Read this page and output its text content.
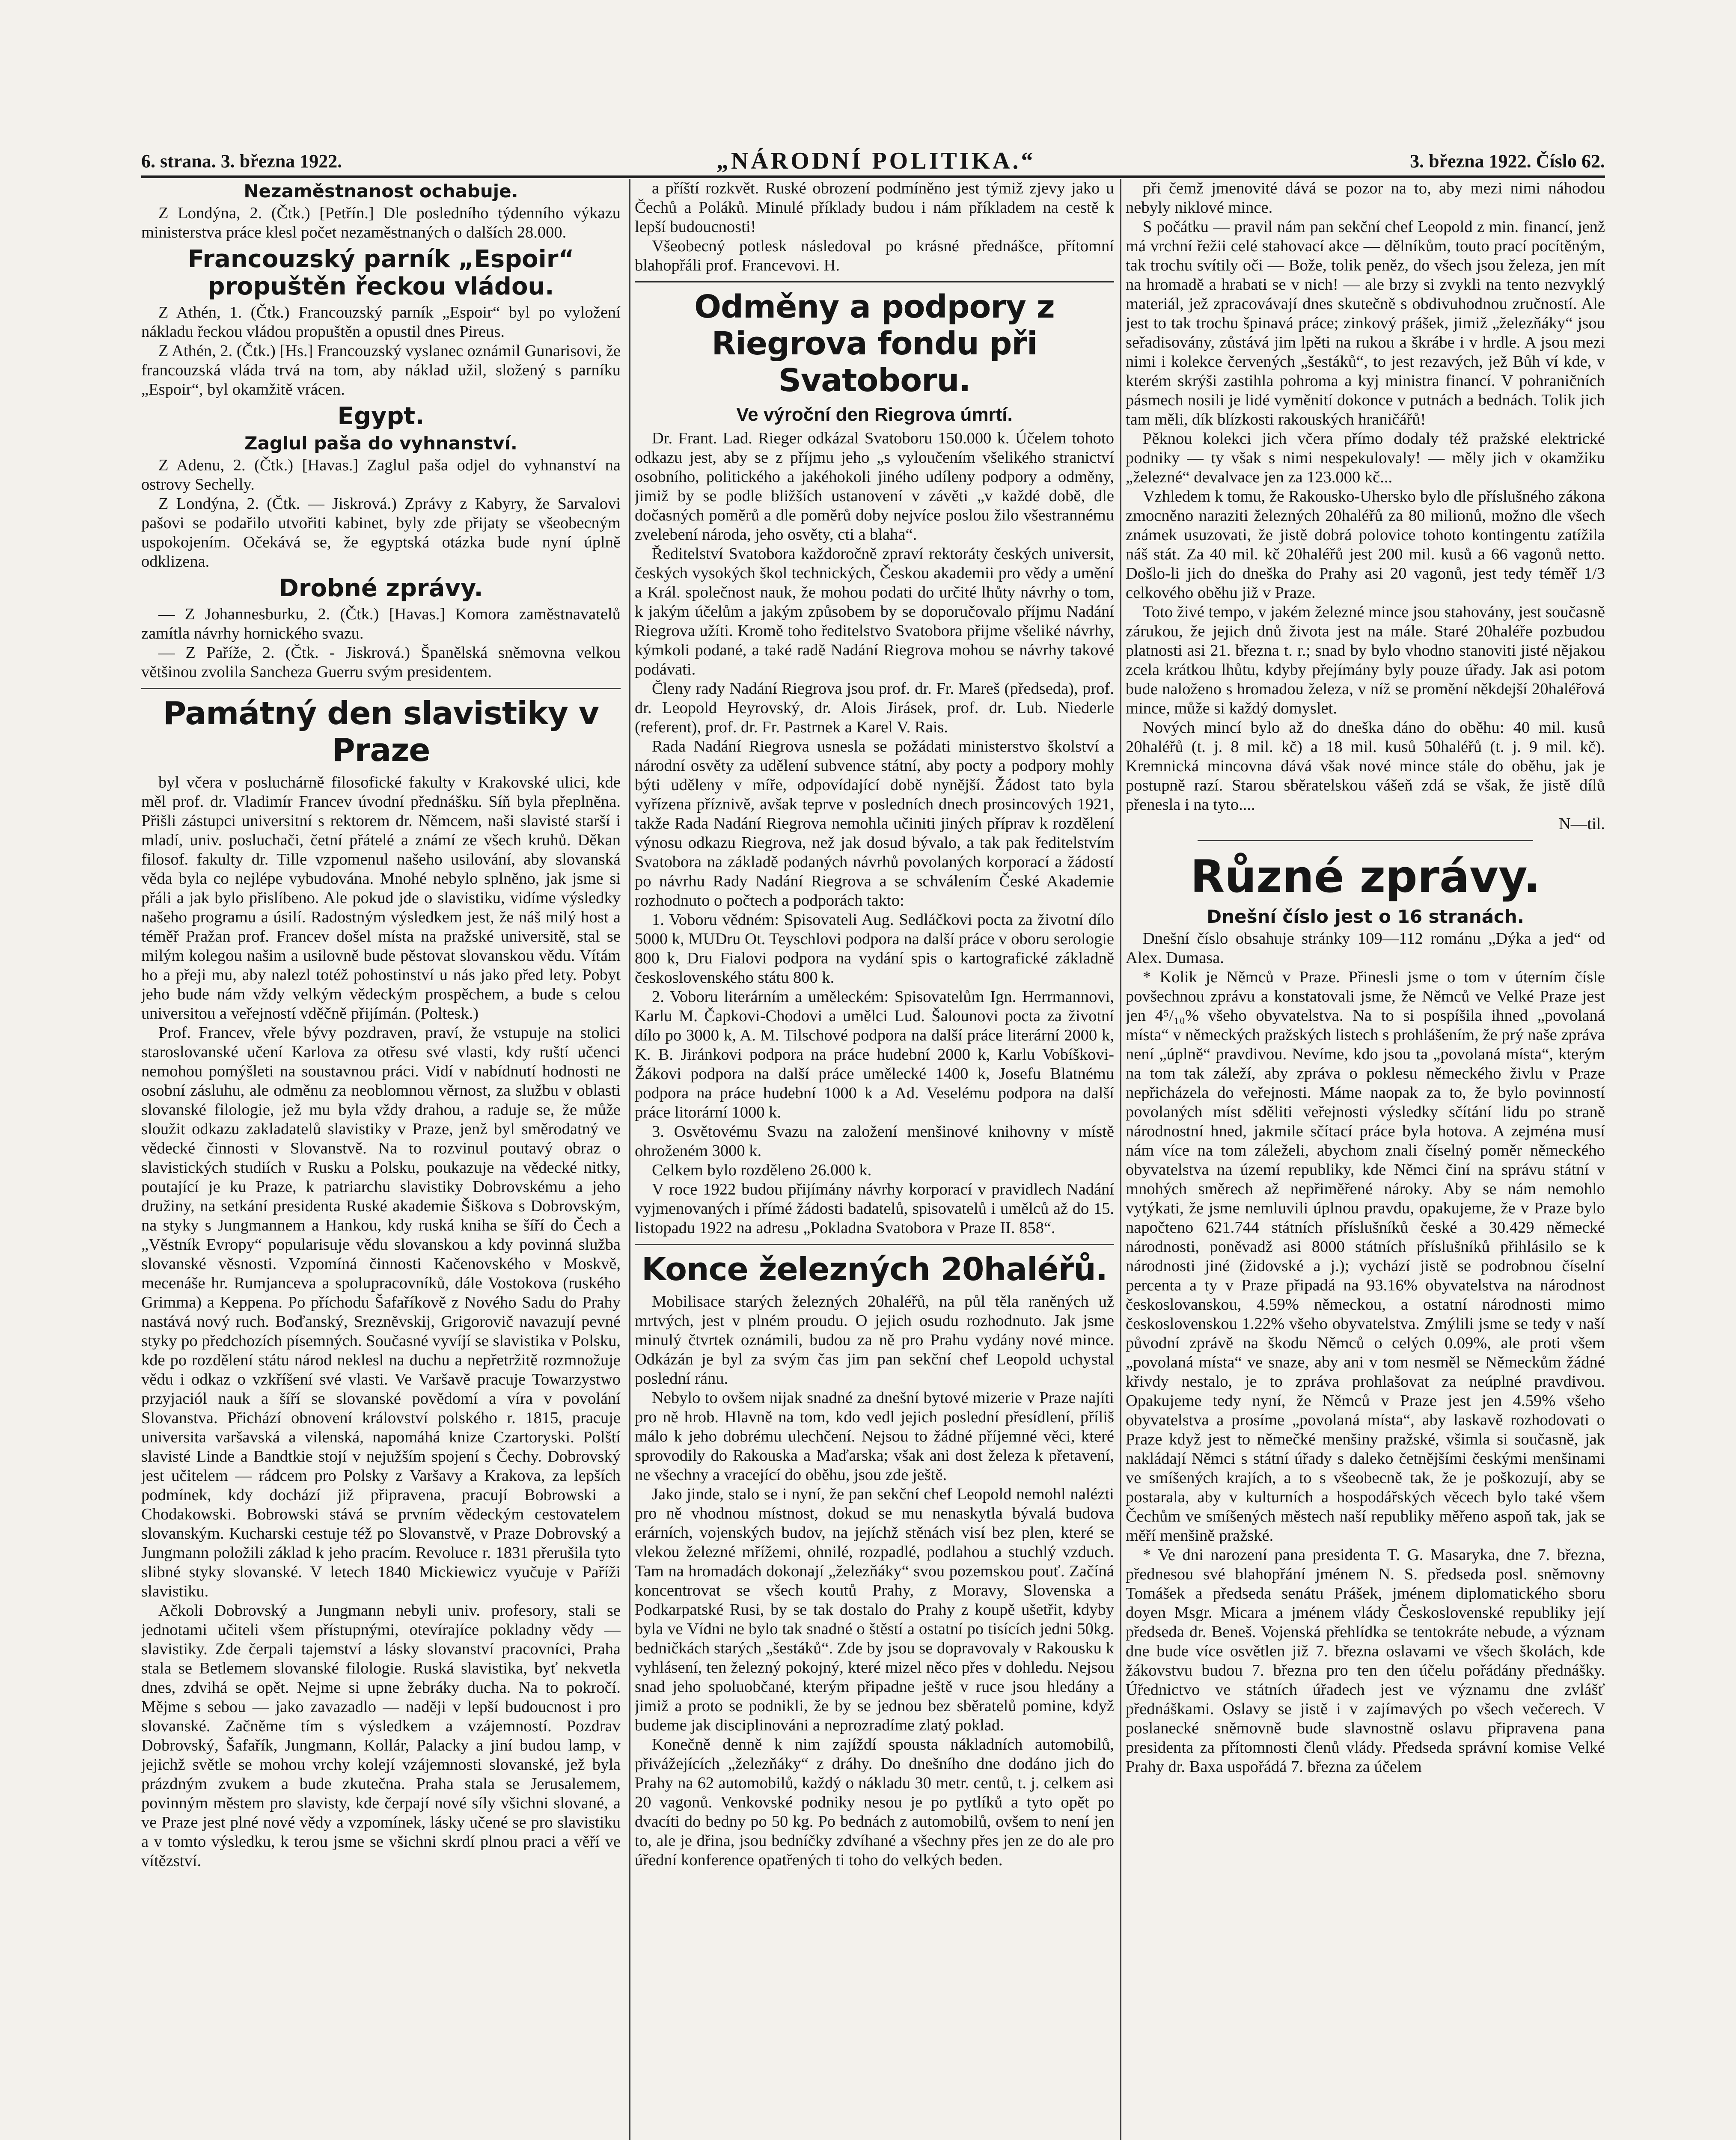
6. strana. 3. března 1922.	„NÁRODNÍ POLITIKA.“	3. března 1922. Číslo 62.
Nezaměstnanost ochabuje.

Z Londýna, 2. (Čtk.) [Petřín.] Dle posledního týdenního výkazu ministerstva práce klesl počet nezaměstnaných o dalších 28.000.

Francouzský parník „Espoir“ propuštěn řeckou vládou.

Z Athén, 1. (Čtk.) Francouzský parník „Espoir“ byl po vyložení nákladu řeckou vládou propuštěn a opustil dnes Pireus.

Z Athén, 2. (Čtk.) [Hs.] Francouzský vyslanec oznámil Gunarisovi, že francouzská vláda trvá na tom, aby náklad užil, složený s parníku „Espoir“, byl okamžitě vrácen.

Egypt.
Zaglul paša do vyhnanství.

Z Adenu, 2. (Čtk.) [Havas.] Zaglul paša odjel do vyhnanství na ostrovy Sechelly.

Z Londýna, 2. (Čtk. — Jiskrová.) Zprávy z Kabyry, že Sarvalovi pašovi se podařilo utvořiti kabinet, byly zde přijaty se všeobecným uspokojením. Očekává se, že egyptská otázka bude nyní úplně odklizena.

Drobné zprávy.

— Z Johannesburku, 2. (Čtk.) [Havas.] Komora zaměstnavatelů zamítla návrhy hornického svazu.

— Z Paříže, 2. (Čtk. - Jiskrová.) Španělská sněmovna velkou většinou zvolila Sancheza Guerru svým presidentem.

Památný den slavistiky v Praze

byl včera v posluchárně filosofické fakulty v Krakovské ulici, kde měl prof. dr. Vladimír Francev úvodní přednášku. Síň byla přeplněna. Přišli zástupci universitní s rektorem dr. Němcem, naši slavisté starší i mladí, univ. posluchači, četní přátelé a známí ze všech kruhů. Děkan filosof. fakulty dr. Tille vzpomenul našeho usilování, aby slovanská věda byla co nejlépe vybudována. Mnohé nebylo splněno, jak jsme si přáli a jak bylo přislíbeno. Ale pokud jde o slavistiku, vidíme výsledky našeho programu a úsilí. Radostným výsledkem jest, že náš milý host a téměř Pražan prof. Francev došel místa na pražské universitě, stal se milým kolegou našim a usilovně bude pěstovat slovanskou vědu. Vítám ho a přeji mu, aby nalezl totéž pohostinství u nás jako před lety. Pobyt jeho bude nám vždy velkým vědeckým prospěchem, a bude s celou universitou a veřejností vděčně přijímán. (Poltesk.)

Prof. Francev, vřele bývy pozdraven, praví, že vstupuje na stolici staroslovanské učení Karlova za otřesu své vlasti, kdy ruští učenci nemohou pomýšleti na soustavnou práci. Vidí v nabídnutí hodnosti ne osobní zásluhu, ale odměnu za neoblomnou věrnost, za službu v oblasti slovanské filologie, jež mu byla vždy drahou, a raduje se, že může sloužit odkazu zakladatelů slavistiky v Praze, jenž byl směrodatný ve vědecké činnosti v Slovanstvě. Na to rozvinul poutavý obraz o slavistických studiích v Rusku a Polsku, poukazuje na vědecké nitky, poutající je ku Praze, k patriarchu slavistiky Dobrovskému a jeho družiny, na setkání presidenta Ruské akademie Šiškova s Dobrovským, na styky s Jungmannem a Hankou, kdy ruská kniha se šíří do Čech a „Věstník Evropy“ popularisuje vědu slovanskou a kdy povinná služba slovanské věsnosti. Vzpomíná činnosti Kačenovského v Moskvě, mecenáše hr. Rumjanceva a spolupracovníků, dále Vostokova (ruského Grimma) a Keppena. Po příchodu Šafaříkově z Nového Sadu do Prahy nastává nový ruch. Boďanský, Sreznĕvskij, Grigorovič navazují pevné styky po předchozích písemných. Současné vyvíjí se slavistika v Polsku, kde po rozdělení státu národ neklesl na duchu a nepřetržitě rozmnožuje vědu i odkaz o vzkříšení své vlasti. Ve Varšavě pracuje Towarzystwo przyjaciól nauk a šíří se slovanské povědomí a víra v povolání Slovanstva. Přichází obnovení království polského r. 1815, pracuje universita varšavská a vilenská, napomáhá knize Czartoryski. Polští slavisté Linde a Bandtkie stojí v nejužším spojení s Čechy. Dobrovský jest učitelem — rádcem pro Polsky z Varšavy a Krakova, za lepších podmínek, kdy dochází již připravena, pracují Bobrowski a Chodakowski. Bobrowski stává se prvním vědeckým cestovatelem slovanským. Kucharski cestuje též po Slovanstvě, v Praze Dobrovský a Jungmann položili základ k jeho pracím. Revoluce r. 1831 přerušila tyto slibné styky slovanské. V letech 1840 Mickiewicz vyučuje v Paříži slavistiku.

Ačkoli Dobrovský a Jungmann nebyli univ. profesory, stali se jednotami učiteli všem přístupnými, otevírajíce pokladny vědy — slavistiky. Zde čerpali tajemství a lásky slovanství pracovníci, Praha stala se Betlemem slovanské filologie. Ruská slavistika, byť nekvetla dnes, zdvihá se opět. Nejme si upne žebráky ducha. Na to pokročí. Mějme s sebou — jako zavazadlo — naději v lepší budoucnost i pro slovanské. Začněme tím s výsledkem a vzájemností. Pozdrav Dobrovský, Šafařík, Jungmann, Kollár, Palacky a jiní budou lamp, v jejichž světle se mohou vrchy kolejí vzájemnosti slovanské, jež byla prázdným zvukem a bude zkutečna. Praha stala se Jerusalemem, povinným městem pro slavisty, kde čerpají nové síly všichni slované, a ve Praze jest plné nové vědy a vzpomínek, lásky učené se pro slavistiku a v tomto výsledku, k terou jsme se všichni skrdí plnou praci a věří ve vítězství.

a příští rozkvět. Ruské obrození podmíněno jest týmiž zjevy jako u Čechů a Poláků. Minulé příklady budou i nám příkladem na cestě k lepší budoucnosti!

Všeobecný potlesk následoval po krásné přednášce, přítomní blahopřáli prof. Francevovi. H.

Odměny a podpory z Riegrova fondu při Svatoboru.
Ve výroční den Riegrova úmrtí.

Dr. Frant. Lad. Rieger odkázal Svatoboru 150.000 k. Účelem tohoto odkazu jest, aby se z příjmu jeho „s vyloučením všelikého stranictví osobního, politického a jakéhokoli jiného udíleny podpory a odměny, jimiž by se podle bližších ustanovení v závěti „v každé době, dle dočasných poměrů a dle poměrů doby nejvíce poslou žilo všestrannému zvelebení národa, jeho osvěty, cti a blaha“.

Ředitelství Svatobora každoročně zpraví rektoráty českých universit, českých vysokých škol technických, Českou akademii pro vědy a umění a Král. společnost nauk, že mohou podati do určité lhůty návrhy o tom, k jakým účelům a jakým způsobem by se doporučovalo příjmu Nadání Riegrova užíti. Kromě toho ředitelstvo Svatobora přijme všeliké návrhy, kýmkoli podané, a také radě Nadání Riegrova mohou se návrhy takové podávati.

Členy rady Nadání Riegrova jsou prof. dr. Fr. Mareš (předseda), prof. dr. Leopold Heyrovský, dr. Alois Jirásek, prof. dr. Lub. Niederle (referent), prof. dr. Fr. Pastrnek a Karel V. Rais.

Rada Nadání Riegrova usnesla se požádati ministerstvo školství a národní osvěty za udělení subvence státní, aby pocty a podpory mohly býti uděleny v míře, odpovídající době nynější. Žádost tato byla vyřízena příznivě, avšak teprve v posledních dnech prosincových 1921, takže Rada Nadání Riegrova nemohla učiniti jiných příprav k rozdělení výnosu odkazu Riegrova, než jak dosud bývalo, a tak pak ředitelstvím Svatobora na základě podaných návrhů povolaných korporací a žádostí po návrhu Rady Nadání Riegrova a se schválením České Akademie rozhodnuto o počtech a podporách takto:

1. Voboru vědném: Spisovateli Aug. Sedláčkovi pocta za životní dílo 5000 k, MUDru Ot. Teyschlovi podpora na další práce v oboru serologie 800 k, Dru Fialovi podpora na vydání spis o kartografické základně československého státu 800 k.

2. Voboru literárním a uměleckém: Spisovatelům Ign. Herrmannovi, Karlu M. Čapkovi-Chodovi a umělci Lud. Šalounovi pocta za životní dílo po 3000 k, A. M. Tilschové podpora na další práce literární 2000 k, K. B. Jiránkovi podpora na práce hudební 2000 k, Karlu Vobíškovi-Žákovi podpora na další práce umělecké 1400 k, Josefu Blatnému podpora na práce hudební 1000 k a Ad. Veselému podpora na další práce litorární 1000 k.

3. Osvětovému Svazu na založení menšinové knihovny v místě ohroženém 3000 k.

Celkem bylo rozděleno 26.000 k.

V roce 1922 budou přijímány návrhy korporací v pravidlech Nadání vyjmenovaných i přímé žádosti badatelů, spisovatelů i umělců až do 15. listopadu 1922 na adresu „Pokladna Svatobora v Praze II. 858“.

Konce železných 20haléřů.

Mobilisace starých železných 20haléřů, na půl těla raněných už mrtvých, jest v plném proudu. O jejich osudu rozhodnuto. Jak jsme minulý čtvrtek oznámili, budou za ně pro Prahu vydány nové mince. Odkázán je byl za svým čas jim pan sekční chef Leopold uchystal poslední ránu.

Nebylo to ovšem nijak snadné za dnešní bytové mizerie v Praze najíti pro ně hrob. Hlavně na tom, kdo vedl jejich poslední přesídlení, příliš málo k jeho dobrému ulechčení. Nejsou to žádné příjemné věci, které sprovodily do Rakouska a Maďarska; však ani dost železa k přetavení, ne všechny a vracející do oběhu, jsou zde ještě.

Jako jinde, stalo se i nyní, že pan sekční chef Leopold nemohl nalézti pro ně vhodnou místnost, dokud se mu nenaskytla bývalá budova erárních, vojenských budov, na jejíchž stěnách visí bez plen, které se vlekou železné mřížemi, ohnilé, rozpadlé, podlahou a stuchlý vzduch. Tam na hromadách dokonají „železňáky“ svou pozemskou pouť. Začíná koncentrovat se všech koutů Prahy, z Moravy, Slovenska a Podkarpatské Rusi, by se tak dostalo do Prahy z koupě ušetřit, kdyby byla ve Vídni ne bylo tak snadné o štěstí a ostatní po tisících jedni 50kg. bedničkách starých „šestáků“. Zde by jsou se dopravovaly v Rakousku k vyhlásení, ten železný pokojný, které mizel něco přes v dohledu. Nejsou snad jeho spoluobčané, kterým připadne ještě v ruce jsou hledány a jimiž a proto se podnikli, že by se jednou bez sběratelů pomine, když budeme jak disciplinováni a neprozradíme zlatý poklad.

Konečně denně k nim zajíždí spousta nákladních automobilů, přivážejících „železňáky“ z dráhy. Do dnešního dne dodáno jich do Prahy na 62 automobilů, každý o nákladu 30 metr. centů, t. j. celkem asi 20 vagonů. Venkovské podniky nesou je po pytlíků a tyto opět po dvacíti do bedny po 50 kg. Po bednách z automobilů, ovšem to není jen to, ale je dřina, jsou bedníčky zdvíhané a všechny přes jen ze do ale pro úřední konference opatřených ti toho do velkých beden.

při čemž jmenovité dává se pozor na to, aby mezi nimi náhodou nebyly niklové mince.

S počátku — pravil nám pan sekční chef Leopold z min. financí, jenž má vrchní řežii celé stahovací akce — dělníkům, touto prací pocítěným, tak trochu svítily oči — Bože, tolik peněz, do všech jsou železa, jen mít na hromadě a hrabati se v nich! — ale brzy si zvykli na tento nezvyklý materiál, jež zpracovávají dnes skutečně s obdivuhodnou zručností. Ale jest to tak trochu špinavá práce; zinkový prášek, jimiž „železňáky“ jsou seřadisovány, zůstává jim lpěti na rukou a škrábe i v hrdle. A jsou mezi nimi i kolekce červených „šestáků“, to jest rezavých, jež Bůh ví kde, v kterém skrýši zastihla pohroma a kyj ministra financí. V pohraničních pásmech nosili je lidé vyměnití dokonce v putnách a bednách. Tolik jich tam měli, dík blízkosti rakouských hraničářů!

Pěknou kolekci jich včera přímo dodaly též pražské elektrické podniky — ty však s nimi nespekulovaly! — měly jich v okamžiku „železné“ devalvace jen za 123.000 kč...

Vzhledem k tomu, že Rakousko-Uhersko bylo dle příslušného zákona zmocněno naraziti železných 20haléřů za 80 milionů, možno dle všech známek usuzovati, že jistě dobrá polovice tohoto kontingentu zatížila náš stát. Za 40 mil. kč 20haléřů jest 200 mil. kusů a 66 vagonů netto. Došlo-li jich do dneška do Prahy asi 20 vagonů, jest tedy téměř 1/3 celkového oběhu již v Praze.

Toto živé tempo, v jakém železné mince jsou stahovány, jest současně zárukou, že jejich dnů života jest na mále. Staré 20haléře pozbudou platnosti asi 21. března t. r.; snad by bylo vhodno stanoviti jisté nějakou zcela krátkou lhůtu, kdyby přejímány byly pouze úřady. Jak asi potom bude naloženo s hromadou železa, v níž se promění někdejší 20haléřová mince, může si každý domyslet.

Nových mincí bylo až do dneška dáno do oběhu: 40 mil. kusů 20haléřů (t. j. 8 mil. kč) a 18 mil. kusů 50haléřů (t. j. 9 mil. kč). Kremnická mincovna dává však nové mince stále do oběhu, jak je postupně razí. Starou sběratelskou vášeň zdá se však, že jistě dílů přenesla i na tyto....

N—til.

Různé zprávy.
Dnešní číslo jest o 16 stranách.

Dnešní číslo obsahuje stránky 109—112 románu „Dýka a jed“ od Alex. Dumasa.

* Kolik je Němců v Praze. Přinesli jsme o tom v úterním čísle povšechnou zprávu a konstatovali jsme, že Němců ve Velké Praze jest jen 4⁵/₁₀% všeho obyvatelstva. Na to si pospíšila ihned „povolaná místa“ v německých pražských listech s prohlášením, že prý naše zpráva není „úplně“ pravdivou. Nevíme, kdo jsou ta „povolaná místa“, kterým na tom tak záleží, aby zpráva o poklesu německého živlu v Praze nepřicházela do veřejnosti. Máme naopak za to, že bylo povinností povolaných míst sděliti veřejnosti výsledky sčítání lidu po straně národnostní hned, jakmile sčítací práce byla hotova. A zejména musí nám více na tom záleželi, abychom znali číselný poměr německého obyvatelstva na území republiky, kde Němci činí na správu státní v mnohých směrech až nepřiměřené nároky. Aby se nám nemohlo vytýkati, že jsme nemluvili úplnou pravdu, opakujeme, že v Praze bylo napočteno 621.744 státních příslušníků české a 30.429 německé národnosti, poněvadž asi 8000 státních příslušníků přihlásilo se k národnosti jiné (židovské a j.); vychází jistě se podrobnou číselní percenta a ty v Praze připadá na 93.16% obyvatelstva na národnost českoslovanskou, 4.59% německou, a ostatní národnosti mimo československou 1.22% všeho obyvatelstva. Zmýlili jsme se tedy v naší původní zprávě na škodu Němců o celých 0.09%, ale proti všem „povolaná místa“ ve snaze, aby ani v tom nesměl se Německům žádné křivdy nestalo, je to zpráva prohlašovat za neúplné pravdivou. Opakujeme tedy nyní, že Němců v Praze jest jen 4.59% všeho obyvatelstva a prosíme „povolaná místa“, aby laskavě rozhodovati o Praze když jest to němečké menšiny pražské, všimla si současně, jak nakládají Němci s státní úřady s daleko četnějšími českými menšinami ve smíšených krajích, a to s všeobecně tak, že je poškozují, aby se postarala, aby v kulturních a hospodářských věcech bylo také všem Čechům ve smíšených městech naší republiky měřeno aspoň tak, jak se měří menšině pražské.

* Ve dni narození pana presidenta T. G. Masaryka, dne 7. března, přednesou své blahopřání jménem N. S. předseda posl. sněmovny Tomášek a předseda senátu Prášek, jménem diplomatického sboru doyen Msgr. Micara a jménem vlády Československé republiky její předseda dr. Beneš. Vojenská přehlídka se tentokráte nebude, a význam dne bude více osvětlen již 7. března oslavami ve všech školách, kde žákovstvu budou 7. března pro ten den účelu pořádány přednášky. Úřednictvo ve státních úřadech jest ve významu dne zvlášť přednáškami. Oslavy se jistě i v zajímavých po všech večerech. V poslanecké sněmovně bude slavnostně oslavu připravena pana presidenta za přítomnosti členů vlády. Předseda správní komise Velké Prahy dr. Baxa uspořádá 7. března za účelem
